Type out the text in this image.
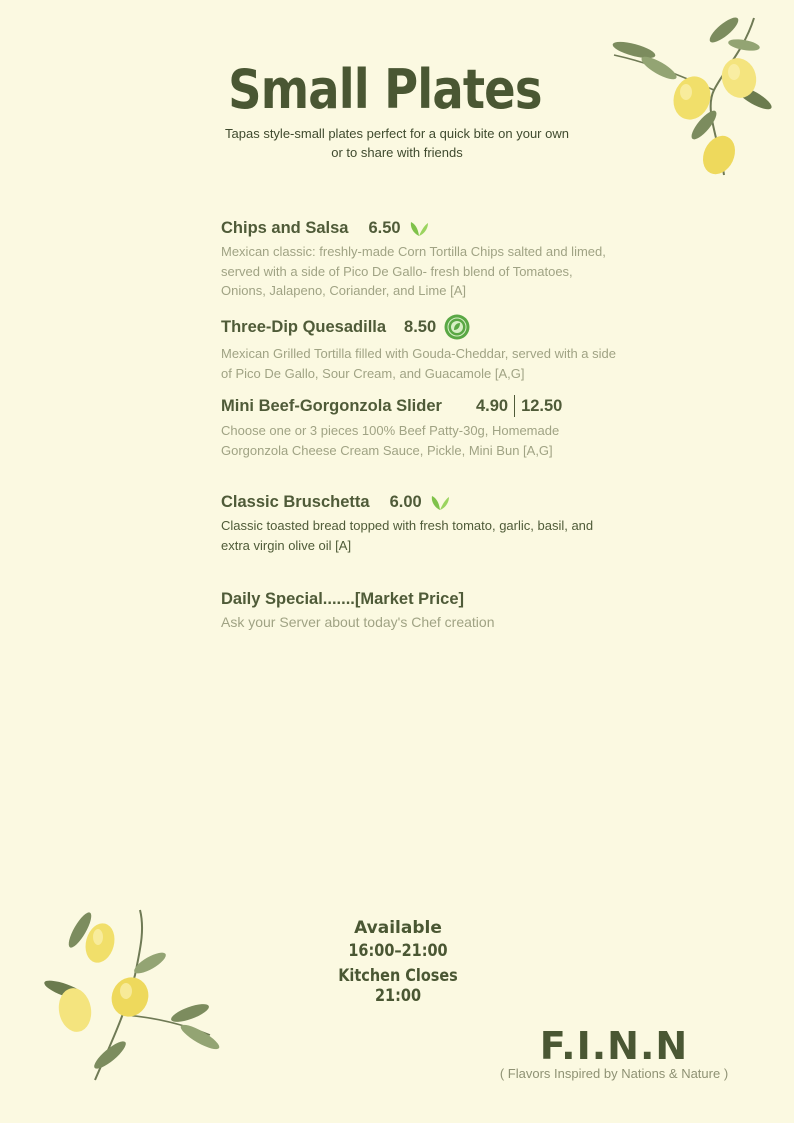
Small Plates
Tapas style-small plates perfect for a quick bite on your own or to share with friends
Chips and Salsa 6.50
Mexican classic: freshly-made Corn Tortilla Chips salted and limed, served with a side of Pico De Gallo- fresh blend of Tomatoes, Onions, Jalapeno, Coriander, and Lime [A]
Three-Dip Quesadilla 8.50
Mexican Grilled Tortilla filled with Gouda-Cheddar, served with a side of Pico De Gallo, Sour Cream, and Guacamole [A,G]
Mini Beef-Gorgonzola Slider 4.90 12.50
Choose one or 3 pieces 100% Beef Patty-30g, Homemade Gorgonzola Cheese Cream Sauce, Pickle, Mini Bun [A,G]
Classic Bruschetta 6.00
Classic toasted bread topped with fresh tomato, garlic, basil, and extra virgin olive oil [A]
Daily Special.......[Market Price]
Ask your Server about today's Chef creation
Available
16:00–21:00
Kitchen Closes 21:00
F.I.N.N
( Flavors Inspired by Nations & Nature )
